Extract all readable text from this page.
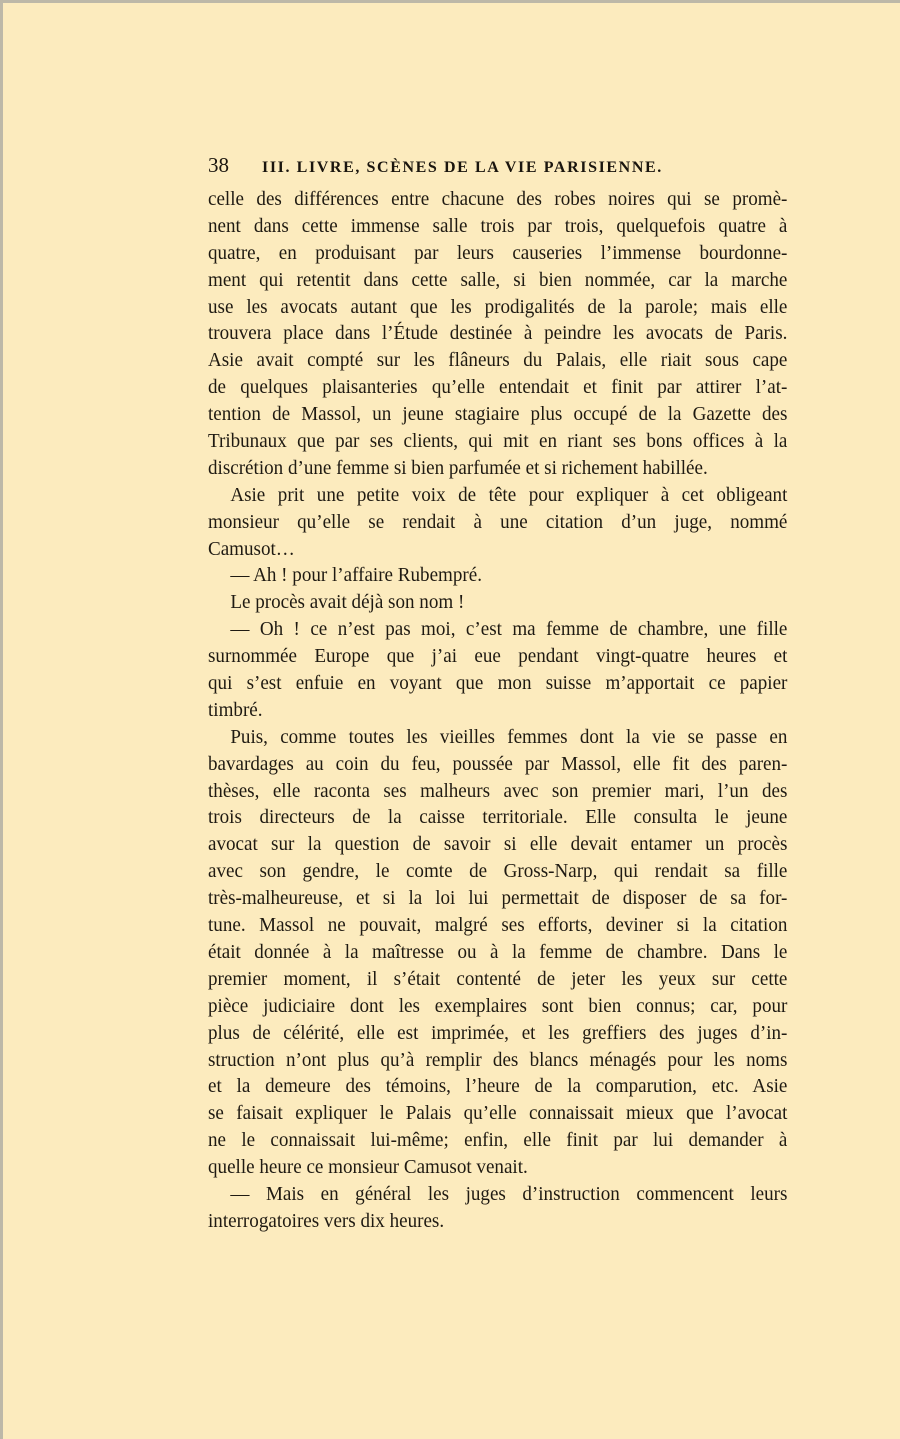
38	III. LIVRE, SCÈNES DE LA VIE PARISIENNE.
celle des différences entre chacune des robes noires qui se promè-
nent dans cette immense salle trois par trois, quelquefois quatre à
quatre, en produisant par leurs causeries l’immense bourdonne-
ment qui retentit dans cette salle, si bien nommée, car la marche
use les avocats autant que les prodigalités de la parole; mais elle
trouvera place dans l’Étude destinée à peindre les avocats de Paris.
Asie avait compté sur les flâneurs du Palais, elle riait sous cape
de quelques plaisanteries qu’elle entendait et finit par attirer l’at-
tention de Massol, un jeune stagiaire plus occupé de la Gazette des
Tribunaux que par ses clients, qui mit en riant ses bons offices à la
discrétion d’une femme si bien parfumée et si richement habillée.
Asie prit une petite voix de tête pour expliquer à cet obligeant
monsieur qu’elle se rendait à une citation d’un juge, nommé
Camusot…
— Ah ! pour l’affaire Rubempré.
Le procès avait déjà son nom !
— Oh ! ce n’est pas moi, c’est ma femme de chambre, une fille
surnommée Europe que j’ai eue pendant vingt-quatre heures et
qui s’est enfuie en voyant que mon suisse m’apportait ce papier
timbré.
Puis, comme toutes les vieilles femmes dont la vie se passe en
bavardages au coin du feu, poussée par Massol, elle fit des paren-
thèses, elle raconta ses malheurs avec son premier mari, l’un des
trois directeurs de la caisse territoriale. Elle consulta le jeune
avocat sur la question de savoir si elle devait entamer un procès
avec son gendre, le comte de Gross-Narp, qui rendait sa fille
très-malheureuse, et si la loi lui permettait de disposer de sa for-
tune. Massol ne pouvait, malgré ses efforts, deviner si la citation
était donnée à la maîtresse ou à la femme de chambre. Dans le
premier moment, il s’était contenté de jeter les yeux sur cette
pièce judiciaire dont les exemplaires sont bien connus; car, pour
plus de célérité, elle est imprimée, et les greffiers des juges d’in-
struction n’ont plus qu’à remplir des blancs ménagés pour les noms
et la demeure des témoins, l’heure de la comparution, etc. Asie
se faisait expliquer le Palais qu’elle connaissait mieux que l’avocat
ne le connaissait lui-même; enfin, elle finit par lui demander à
quelle heure ce monsieur Camusot venait.
— Mais en général les juges d’instruction commencent leurs
interrogatoires vers dix heures.
